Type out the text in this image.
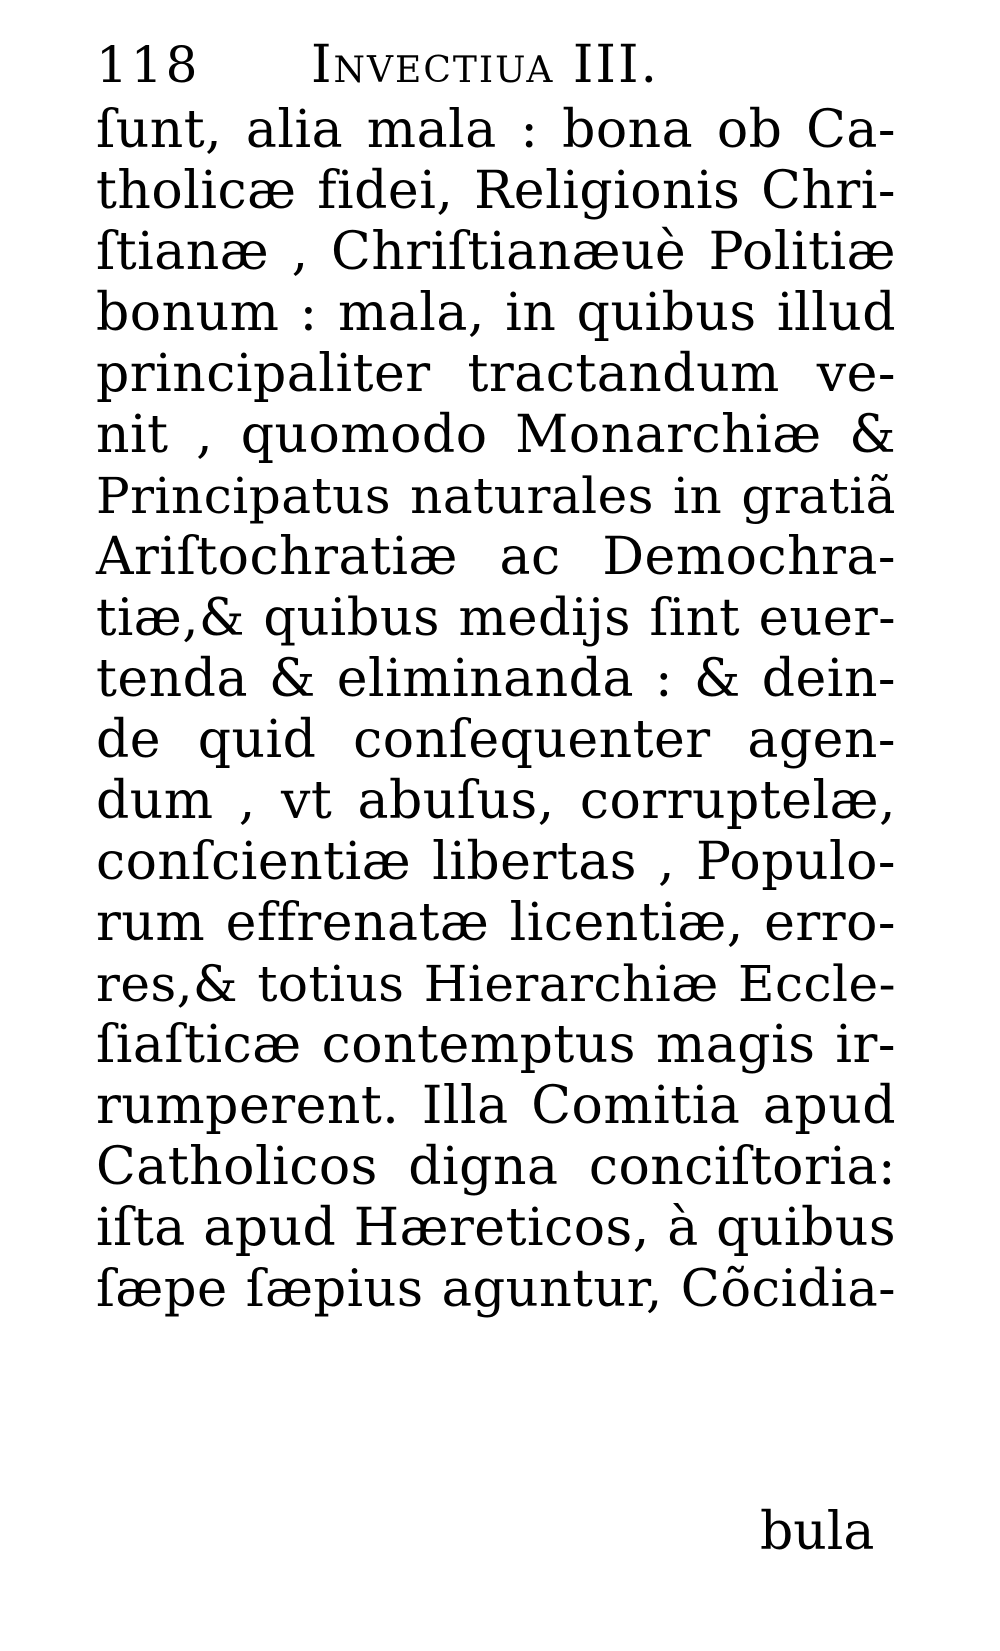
118 Invectiua III.
ſunt, alia mala : bona ob Ca-
tholicæ fidei, Religionis Chri-
ſtianæ , Chriſtianæuè Politiæ
bonum : mala, in quibus illud
principaliter tractandum ve-
nit , quomodo Monarchiæ &
Principatus naturales in gratiã
Ariſtochratiæ ac Demochra-
tiæ,& quibus medijs ſint euer-
tenda & eliminanda : & dein-
de quid conſequenter agen-
dum , vt abuſus, corruptelæ,
conſcientiæ libertas , Populo-
rum effrenatæ licentiæ, erro-
res,& totius Hierarchiæ Eccle-
ſiaſticæ contemptus magis ir-
rumperent. Illa Comitia apud
Catholicos digna conciſtoria:
iſta apud Hæreticos, à quibus
ſæpe ſæpius aguntur, Cõcidia-
bula
